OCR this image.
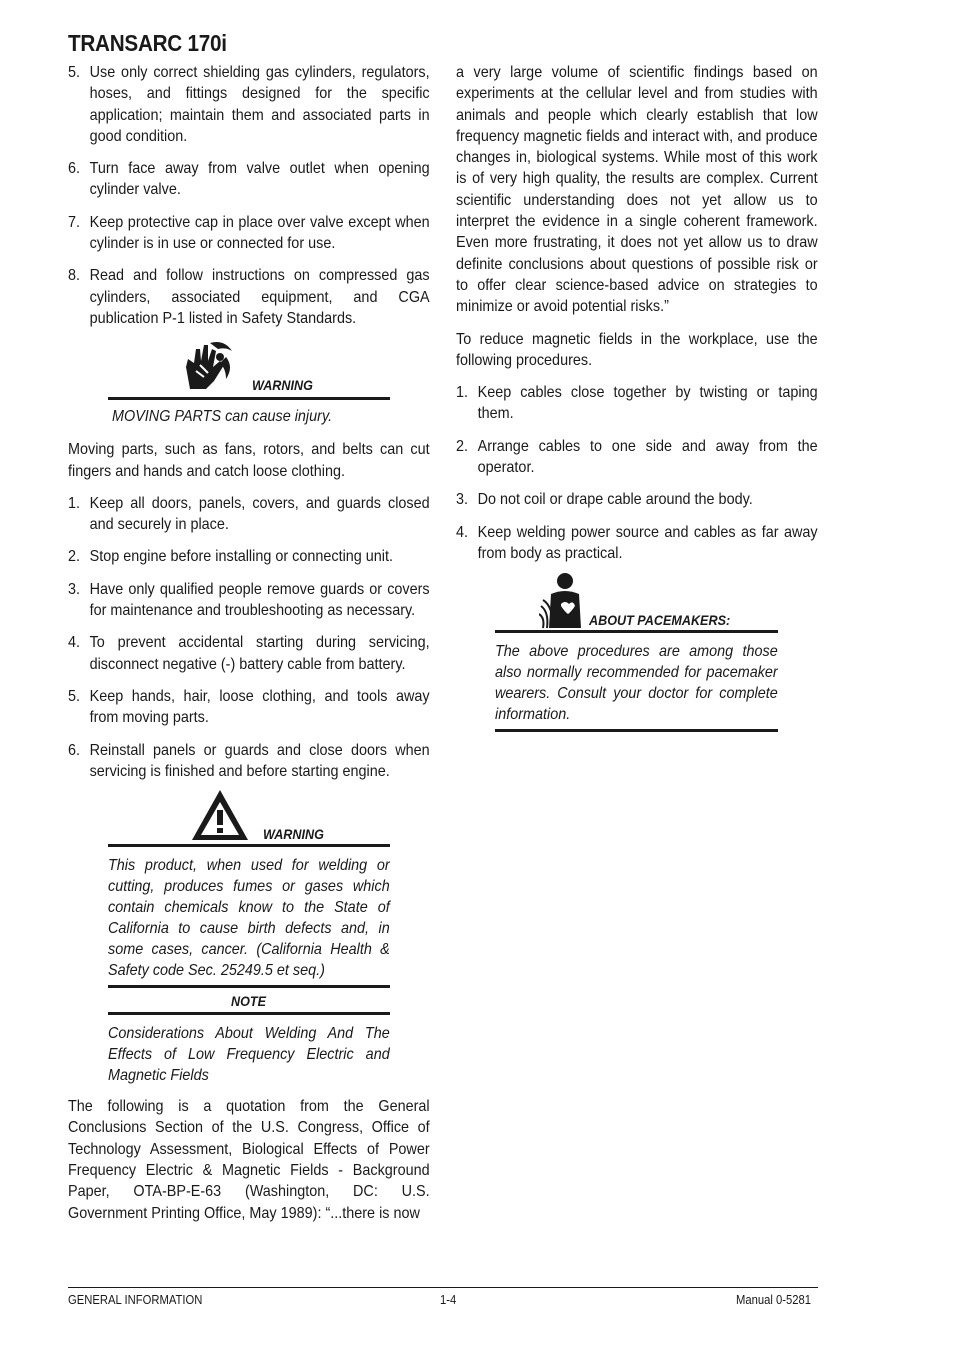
TRANSARC 170i
5. Use only correct shielding gas cylinders, regulators, hoses, and fittings designed for the specific application; maintain them and associated parts in good condition.
6. Turn face away from valve outlet when opening cylinder valve.
7. Keep protective cap in place over valve except when cylinder is in use or connected for use.
8. Read and follow instructions on compressed gas cylinders, associated equipment, and CGA publication P-1 listed in Safety Standards.
WARNING
MOVING PARTS can cause injury.

Moving parts, such as fans, rotors, and belts can cut fingers and hands and catch loose clothing.

1. Keep all doors, panels, covers, and guards closed and securely in place.
2. Stop engine before installing or connecting unit.
3. Have only qualified people remove guards or covers for maintenance and troubleshooting as necessary.
4. To prevent accidental starting during servicing, disconnect negative (-) battery cable from battery.
5. Keep hands, hair, loose clothing, and tools away from moving parts.
6. Reinstall panels or guards and close doors when servicing is finished and before starting engine.
WARNING
This product, when used for welding or cutting, produces fumes or gases which contain chemicals know to the State of California to cause birth defects and, in some cases, cancer. (California Health & Safety code Sec. 25249.5 et seq.)
NOTE
Considerations About Welding And The Effects of Low Frequency Electric and Magnetic Fields

The following is a quotation from the General Conclusions Section of the U.S. Congress, Office of Technology Assessment, Biological Effects of Power Frequency Electric & Magnetic Fields - Background Paper, OTA-BP-E-63 (Washington, DC: U.S. Government Printing Office, May 1989): “...there is now

a very large volume of scientific findings based on experiments at the cellular level and from studies with animals and people which clearly establish that low frequency magnetic fields and interact with, and produce changes in, biological systems. While most of this work is of very high quality, the results are complex. Current scientific understanding does not yet allow us to interpret the evidence in a single coherent framework. Even more frustrating, it does not yet allow us to draw definite conclusions about questions of possible risk or to offer clear science-based advice on strategies to minimize or avoid potential risks.”

To reduce magnetic fields in the workplace, use the following procedures.

1. Keep cables close together by twisting or taping them.
2. Arrange cables to one side and away from the operator.
3. Do not coil or drape cable around the body.
4. Keep welding power source and cables as far away from body as practical.
ABOUT PACEMAKERS:
The above procedures are among those also normally recommended for pacemaker wearers. Consult your doctor for complete information.
GENERAL INFORMATION	1-4	Manual 0-5281
